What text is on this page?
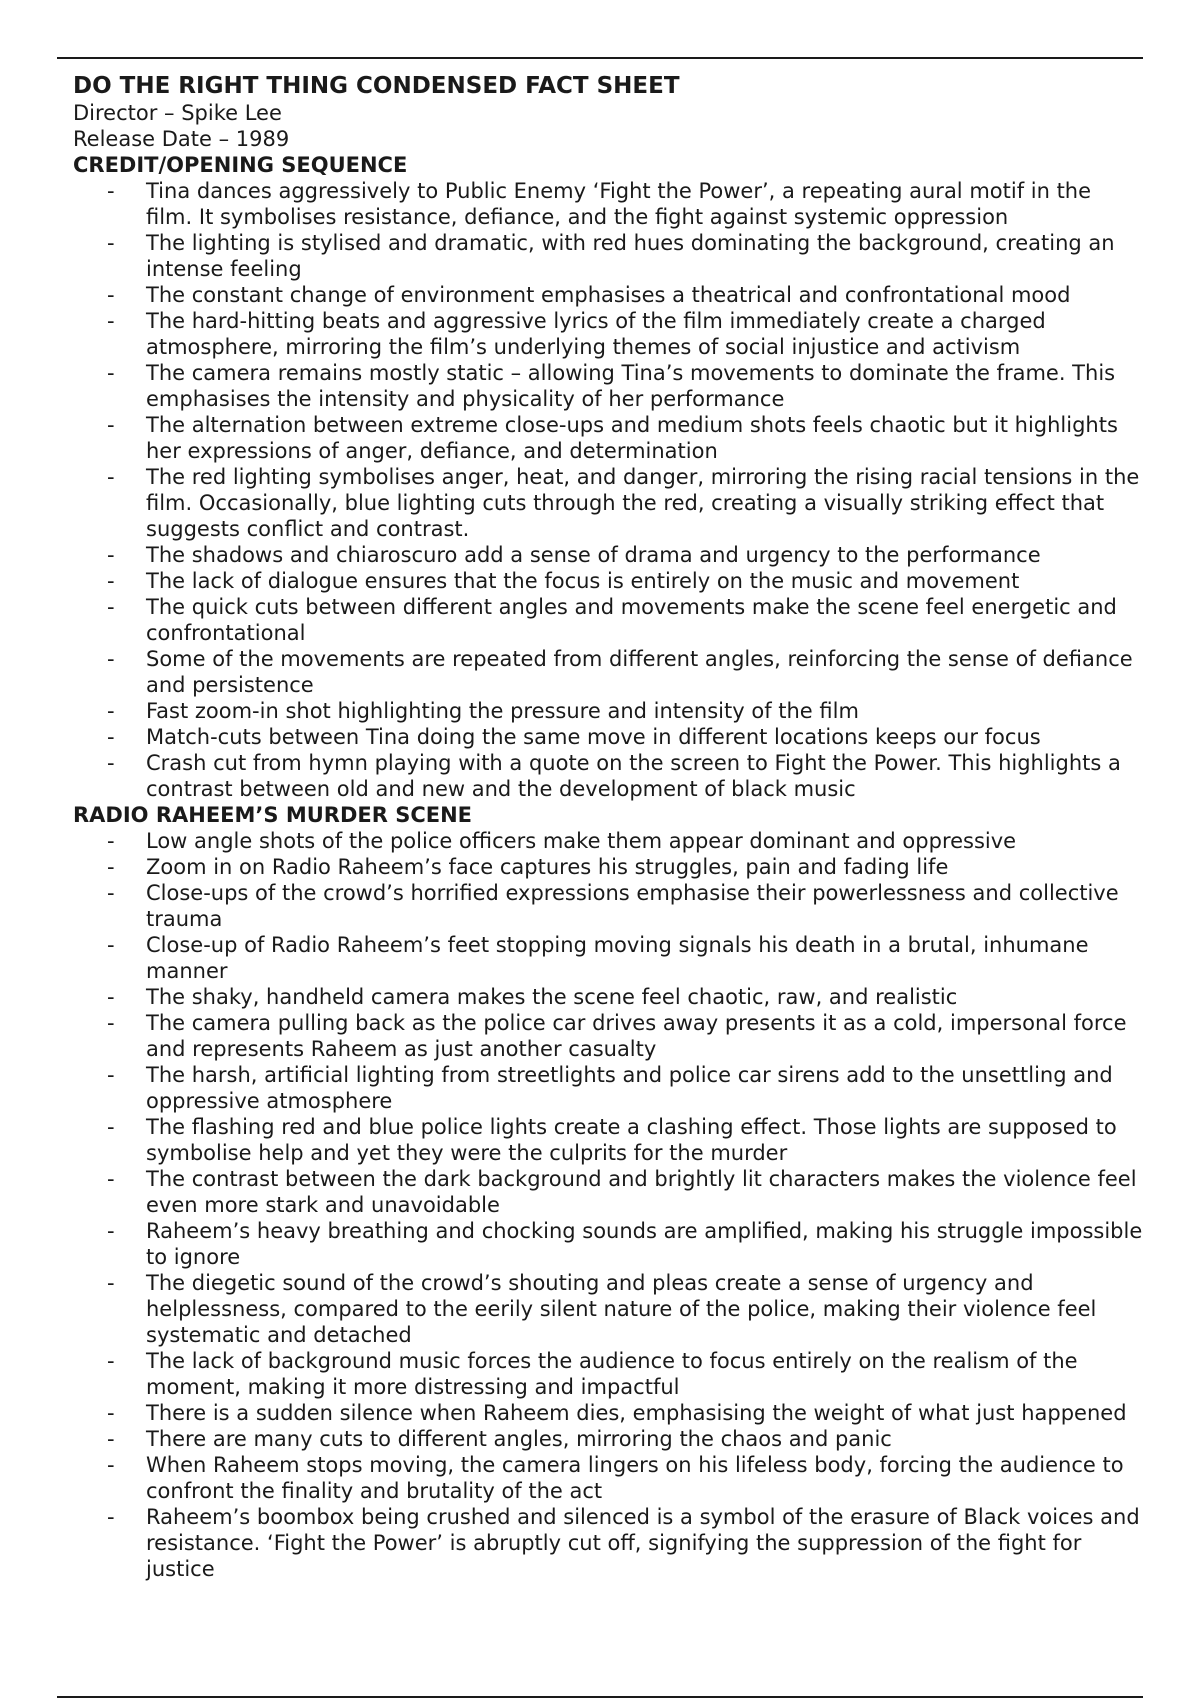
DO THE RIGHT THING CONDENSED FACT SHEET

Director – Spike Lee

Release Date – 1989

CREDIT/OPENING SEQUENCE
- Tina dances aggressively to Public Enemy ‘Fight the Power’, a repeating aural motif in the film. It symbolises resistance, defiance, and the fight against systemic oppression
- The lighting is stylised and dramatic, with red hues dominating the background, creating an intense feeling
- The constant change of environment emphasises a theatrical and confrontational mood
- The hard-hitting beats and aggressive lyrics of the film immediately create a charged atmosphere, mirroring the film’s underlying themes of social injustice and activism
- The camera remains mostly static – allowing Tina’s movements to dominate the frame. This emphasises the intensity and physicality of her performance
- The alternation between extreme close-ups and medium shots feels chaotic but it highlights her expressions of anger, defiance, and determination
- The red lighting symbolises anger, heat, and danger, mirroring the rising racial tensions in the film. Occasionally, blue lighting cuts through the red, creating a visually striking effect that suggests conflict and contrast.
- The shadows and chiaroscuro add a sense of drama and urgency to the performance
- The lack of dialogue ensures that the focus is entirely on the music and movement
- The quick cuts between different angles and movements make the scene feel energetic and confrontational
- Some of the movements are repeated from different angles, reinforcing the sense of defiance and persistence
- Fast zoom-in shot highlighting the pressure and intensity of the film
- Match-cuts between Tina doing the same move in different locations keeps our focus
- Crash cut from hymn playing with a quote on the screen to Fight the Power. This highlights a contrast between old and new and the development of black music
RADIO RAHEEM’S MURDER SCENE
- Low angle shots of the police officers make them appear dominant and oppressive
- Zoom in on Radio Raheem’s face captures his struggles, pain and fading life
- Close-ups of the crowd’s horrified expressions emphasise their powerlessness and collective trauma
- Close-up of Radio Raheem’s feet stopping moving signals his death in a brutal, inhumane manner
- The shaky, handheld camera makes the scene feel chaotic, raw, and realistic
- The camera pulling back as the police car drives away presents it as a cold, impersonal force and represents Raheem as just another casualty
- The harsh, artificial lighting from streetlights and police car sirens add to the unsettling and oppressive atmosphere
- The flashing red and blue police lights create a clashing effect. Those lights are supposed to symbolise help and yet they were the culprits for the murder
- The contrast between the dark background and brightly lit characters makes the violence feel even more stark and unavoidable
- Raheem’s heavy breathing and chocking sounds are amplified, making his struggle impossible to ignore
- The diegetic sound of the crowd’s shouting and pleas create a sense of urgency and helplessness, compared to the eerily silent nature of the police, making their violence feel systematic and detached
- The lack of background music forces the audience to focus entirely on the realism of the moment, making it more distressing and impactful
- There is a sudden silence when Raheem dies, emphasising the weight of what just happened
- There are many cuts to different angles, mirroring the chaos and panic
- When Raheem stops moving, the camera lingers on his lifeless body, forcing the audience to confront the finality and brutality of the act
- Raheem’s boombox being crushed and silenced is a symbol of the erasure of Black voices and resistance. ‘Fight the Power’ is abruptly cut off, signifying the suppression of the fight for justice
